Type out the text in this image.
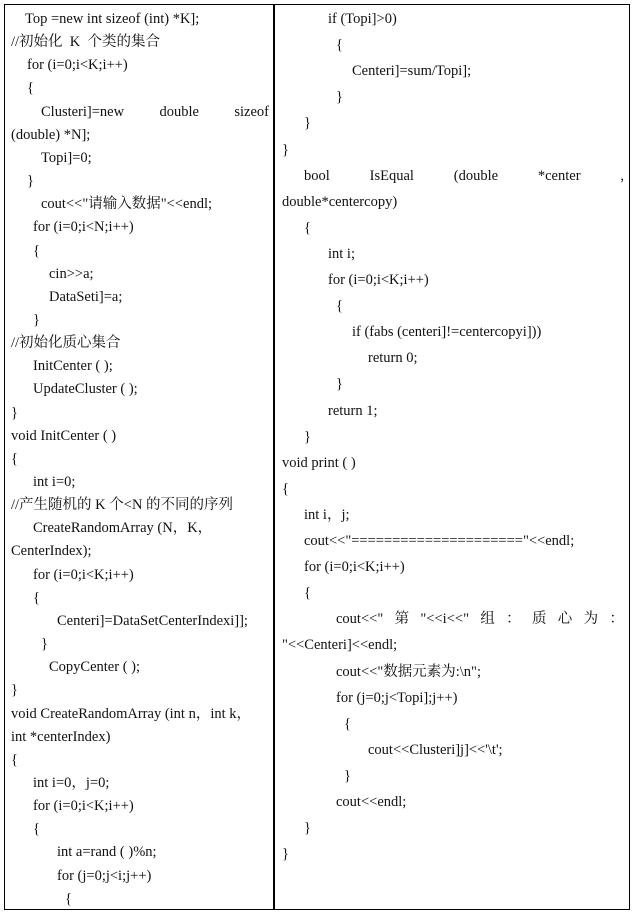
Top =new int sizeof (int) *K];
//初始化  K  个类的集合
for (i=0;i<K;i++)
{
Clusteri]=new double sizeof
(double) *N];
Topi]=0;
}
cout<<"请输入数据"<<endl;
for (i=0;i<N;i++)
{
cin>>a;
DataSeti]=a;
}
//初始化质心集合
InitCenter ( );
UpdateCluster ( );
}
void InitCenter ( )
{
int i=0;
//产生随机的 K 个<N 的不同的序列
CreateRandomArray (N，K，
CenterIndex);
for (i=0;i<K;i++)
{
Centeri]=DataSetCenterIndexi]];
}
CopyCenter ( );
}
void CreateRandomArray (int n，int k，
int *centerIndex)
{
int i=0，j=0;
for (i=0;i<K;i++)
{
int a=rand ( )%n;
for (j=0;j<i;j++)
{
if (Topi]>0)
{
Centeri]=sum/Topi];
}
}
}
bool	IsEqual	(double	*center	,
double*centercopy)
{
int i;
for (i=0;i<K;i++)
{
if (fabs (centeri]!=centercopyi]))
return 0;
}
return 1;
}
void print ( )
{
int i，j;
cout<<"====================="<<endl;
for (i=0;i<K;i++)
{
cout<<" 第 "<<i<<" 组 ： 质 心 为 ：
"<<Centeri]<<endl;
cout<<"数据元素为:\n";
for (j=0;j<Topi];j++)
{
cout<<Clusteri]j]<<'\t';
}
cout<<endl;
}
}
